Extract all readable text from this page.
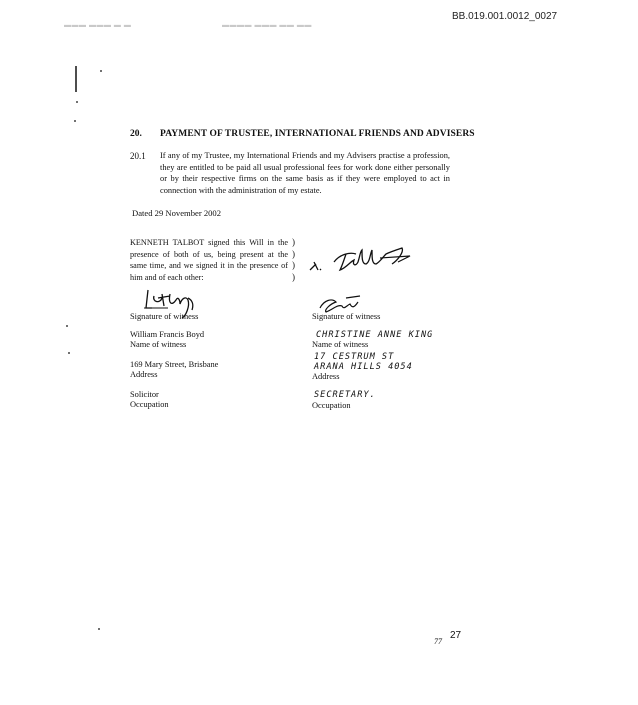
BB.019.001.0012_0027
▬▬▬ ▬▬▬ ▬ ▬	▬▬▬▬ ▬▬▬ ▬▬ ▬▬
20. PAYMENT OF TRUSTEE, INTERNATIONAL FRIENDS AND ADVISERS
20.1 If any of my Trustee, my International Friends and my Advisers practise a profession, they are entitled to be paid all usual professional fees for work done either personally or by their respective firms on the same basis as if they were employed to act in connection with the administration of my estate.
Dated 29 November 2002
KENNETH TALBOT signed this Will in the presence of both of us, being present at the same time, and we signed it in the presence of him and of each other:
)
)
)
)
Signature of witness
William Francis Boyd
Name of witness
169 Mary Street, Brisbane
Address
Solicitor
Occupation
Signature of witness
CHRISTINE ANNE KING
Name of witness
17 CESTRUM ST
ARANA HILLS 4054
Address
SECRETARY.
Occupation
77
27
